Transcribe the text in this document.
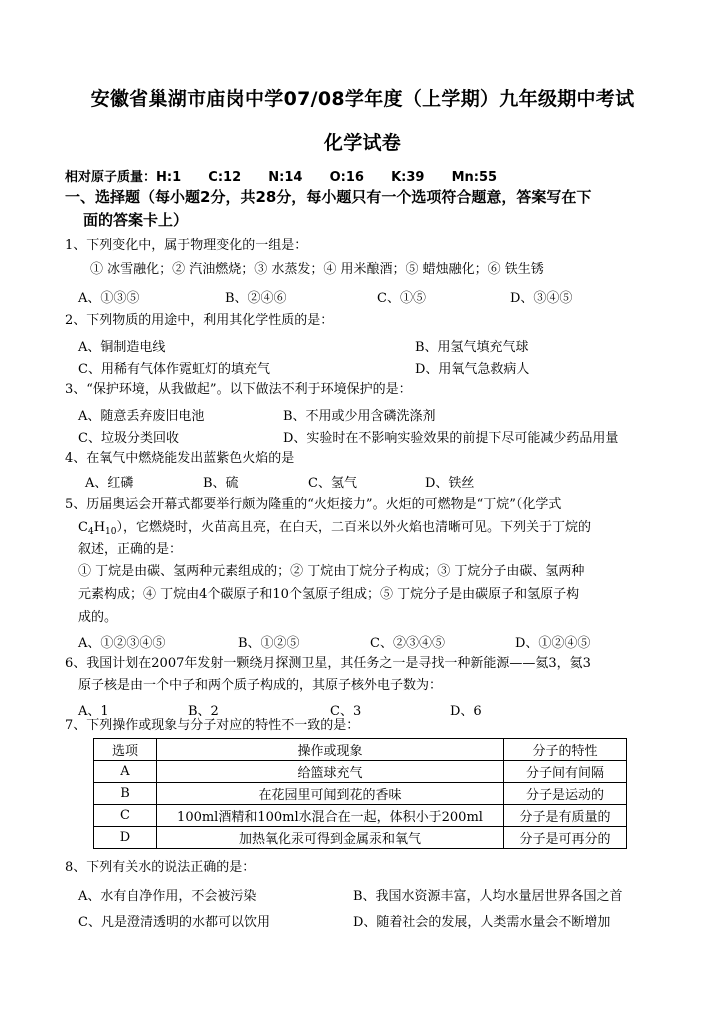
安徽省巢湖市庙岗中学07/08学年度（上学期）九年级期中考试
化学试卷
相对原子质量：H:1      C:12      N:14      O:16      K:39      Mn:55
一、选择题（每小题2分，共28分，每小题只有一个选项符合题意，答案写在下
面的答案卡上）
1、下列变化中，属于物理变化的一组是：
① 冰雪融化；② 汽油燃烧；③ 水蒸发；④ 用米酿酒；⑤ 蜡烛融化；⑥ 铁生锈
A、①③⑤	B、②④⑥	C、①⑤	D、③④⑤
2、下列物质的用途中，利用其化学性质的是：
A、铜制造电线	B、用氢气填充气球
C、用稀有气体作霓虹灯的填充气	D、用氧气急救病人
3、“保护环境，从我做起”。以下做法不利于环境保护的是：
A、随意丢弃废旧电池	B、不用或少用含磷洗涤剂
C、垃圾分类回收	D、实验时在不影响实验效果的前提下尽可能减少药品用量
4、在氧气中燃烧能发出蓝紫色火焰的是
A、红磷	B、硫	C、氢气	D、铁丝
5、历届奥运会开幕式都要举行颇为隆重的“火炬接力”。火炬的可燃物是“丁烷”（化学式
$C_4H_{10}$），它燃烧时，火苗高且亮，在白天，二百米以外火焰也清晰可见。下列关于丁烷的
叙述，正确的是：
① 丁烷是由碳、氢两种元素组成的；② 丁烷由丁烷分子构成；③ 丁烷分子由碳、氢两种
元素构成；④ 丁烷由4个碳原子和10个氢原子组成；⑤ 丁烷分子是由碳原子和氢原子构
成的。
A、①②③④⑤	B、①②⑤	C、②③④⑤	D、①②④⑤
6、我国计划在2007年发射一颗绕月探测卫星，其任务之一是寻找一种新能源——氦3，氦3
原子核是由一个中子和两个质子构成的，其原子核外电子数为：
A、1	B、2	C、3	D、6
7、下列操作或现象与分子对应的特性不一致的是：
选项	操作或现象	分子的特性
A	给篮球充气	分子间有间隔
B	在花园里可闻到花的香味	分子是运动的
C	100ml酒精和100ml水混合在一起，体积小于200ml	分子是有质量的
D	加热氧化汞可得到金属汞和氧气	分子是可再分的
8、下列有关水的说法正确的是：
A、水有自净作用，不会被污染	B、我国水资源丰富，人均水量居世界各国之首
C、凡是澄清透明的水都可以饮用	D、随着社会的发展，人类需水量会不断增加
